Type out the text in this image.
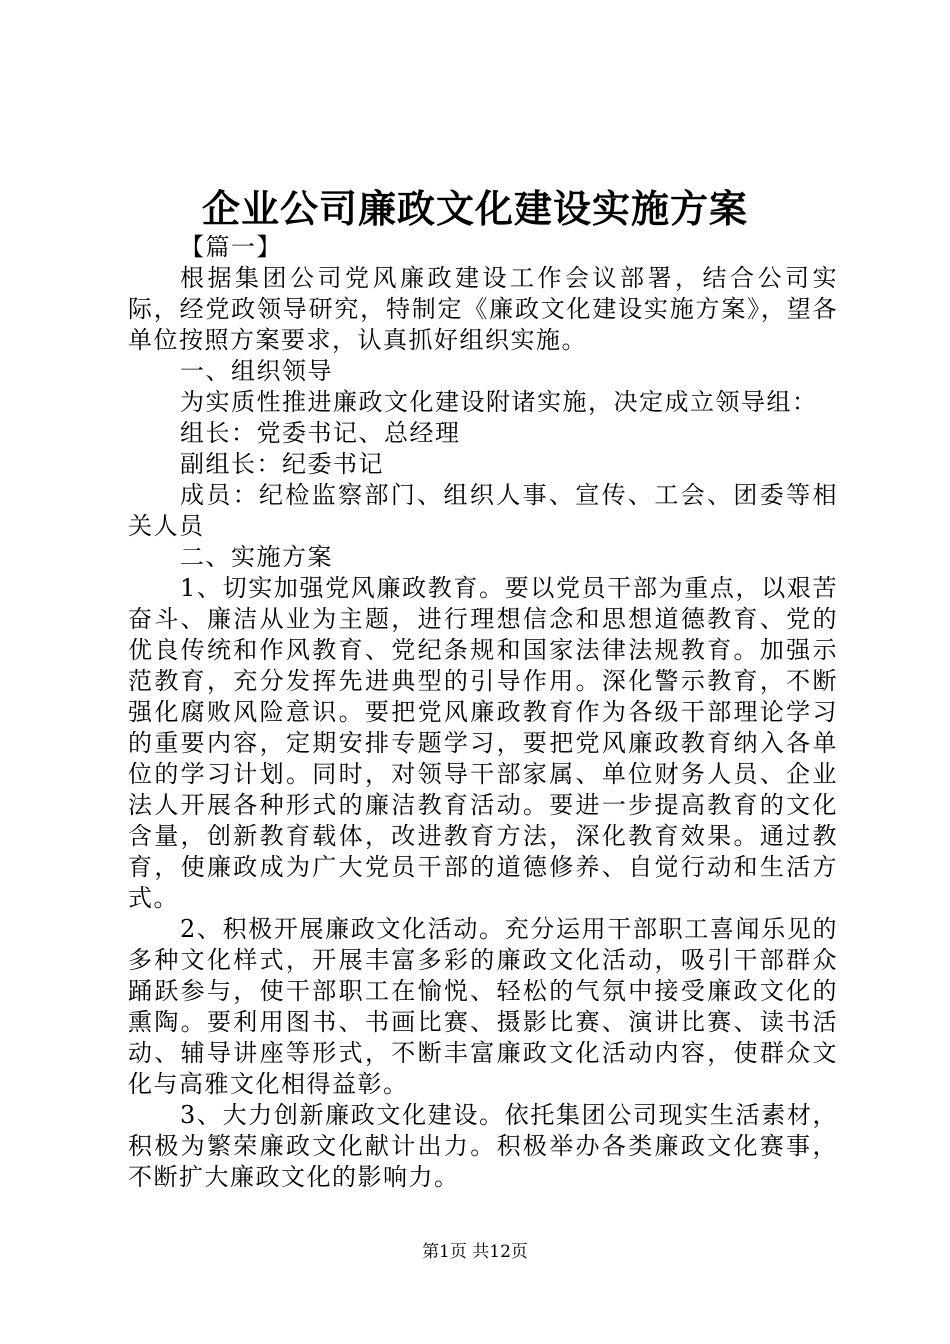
企业公司廉政文化建设实施方案

【篇一】

根据集团公司党风廉政建设工作会议部署，结合公司实际，经党政领导研究，特制定《廉政文化建设实施方案》，望各单位按照方案要求，认真抓好组织实施。

一、组织领导

为实质性推进廉政文化建设附诸实施，决定成立领导组：

组长：党委书记、总经理

副组长：纪委书记

成员：纪检监察部门、组织人事、宣传、工会、团委等相关人员

二、实施方案

1、切实加强党风廉政教育。要以党员干部为重点，以艰苦奋斗、廉洁从业为主题，进行理想信念和思想道德教育、党的优良传统和作风教育、党纪条规和国家法律法规教育。加强示范教育，充分发挥先进典型的引导作用。深化警示教育，不断强化腐败风险意识。要把党风廉政教育作为各级干部理论学习的重要内容，定期安排专题学习，要把党风廉政教育纳入各单位的学习计划。同时，对领导干部家属、单位财务人员、企业法人开展各种形式的廉洁教育活动。要进一步提高教育的文化含量，创新教育载体，改进教育方法，深化教育效果。通过教育，使廉政成为广大党员干部的道德修养、自觉行动和生活方式。

2、积极开展廉政文化活动。充分运用干部职工喜闻乐见的多种文化样式，开展丰富多彩的廉政文化活动，吸引干部群众踊跃参与，使干部职工在愉悦、轻松的气氛中接受廉政文化的熏陶。要利用图书、书画比赛、摄影比赛、演讲比赛、读书活动、辅导讲座等形式，不断丰富廉政文化活动内容，使群众文化与高雅文化相得益彰。

3、大力创新廉政文化建设。依托集团公司现实生活素材，积极为繁荣廉政文化献计出力。积极举办各类廉政文化赛事，不断扩大廉政文化的影响力。

第1页 共12页
